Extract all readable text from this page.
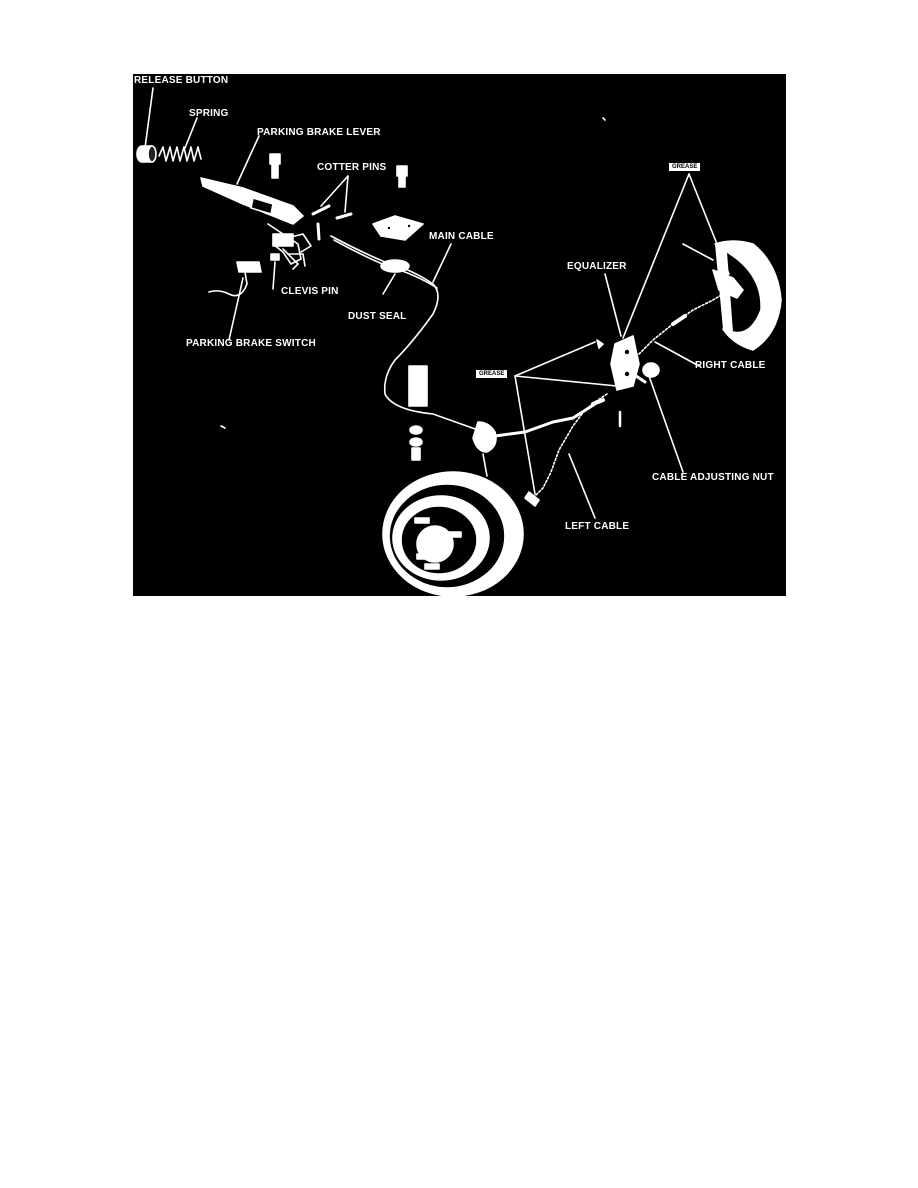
RELEASE BUTTON
SPRING
PARKING BRAKE LEVER
COTTER PINS
MAIN CABLE
CLEVIS PIN
DUST SEAL
PARKING BRAKE SWITCH
EQUALIZER
RIGHT CABLE
CABLE ADJUSTING NUT
LEFT CABLE
GREASE
GREASE
